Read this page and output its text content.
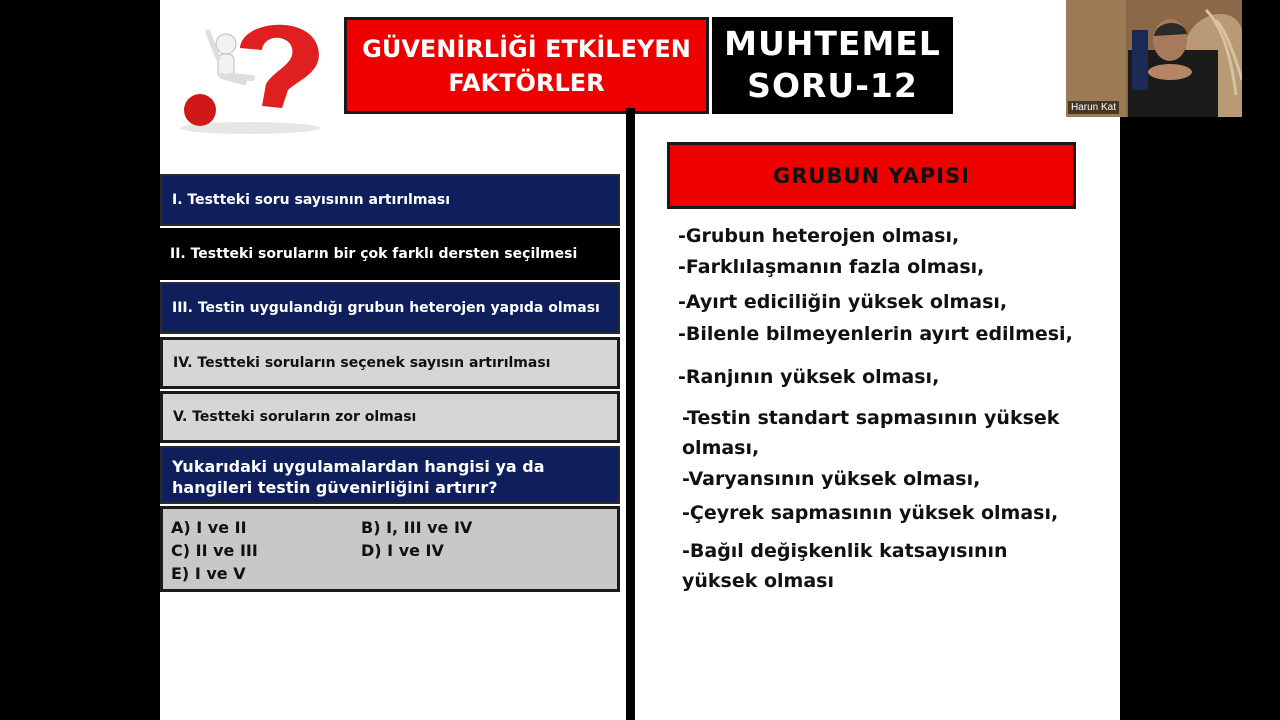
GÜVENİRLİĞİ ETKİLEYEN
FAKTÖRLER
MUHTEMEL
SORU-12
I. Testteki soru sayısının artırılması
II. Testteki soruların bir çok farklı dersten seçilmesi
III. Testin uygulandığı grubun heterojen yapıda olması
IV. Testteki soruların seçenek sayısın artırılması
V. Testteki soruların zor olması
Yukarıdaki uygulamalardan hangisi ya da
hangileri testin güvenirliğini artırır?
A) I ve II	B) I, III ve IV
C) II ve III	D) I ve IV
E) I ve V
GRUBUN YAPISI
-Grubun heterojen olması,
-Farklılaşmanın fazla olması,
-Ayırt ediciliğin yüksek olması,
-Bilenle bilmeyenlerin ayırt edilmesi,
-Ranjının yüksek olması,
-Testin standart sapmasının yüksek
olması,
-Varyansının yüksek olması,
-Çeyrek sapmasının yüksek olması,
-Bağıl değişkenlik katsayısının
yüksek olması
Harun Kat
